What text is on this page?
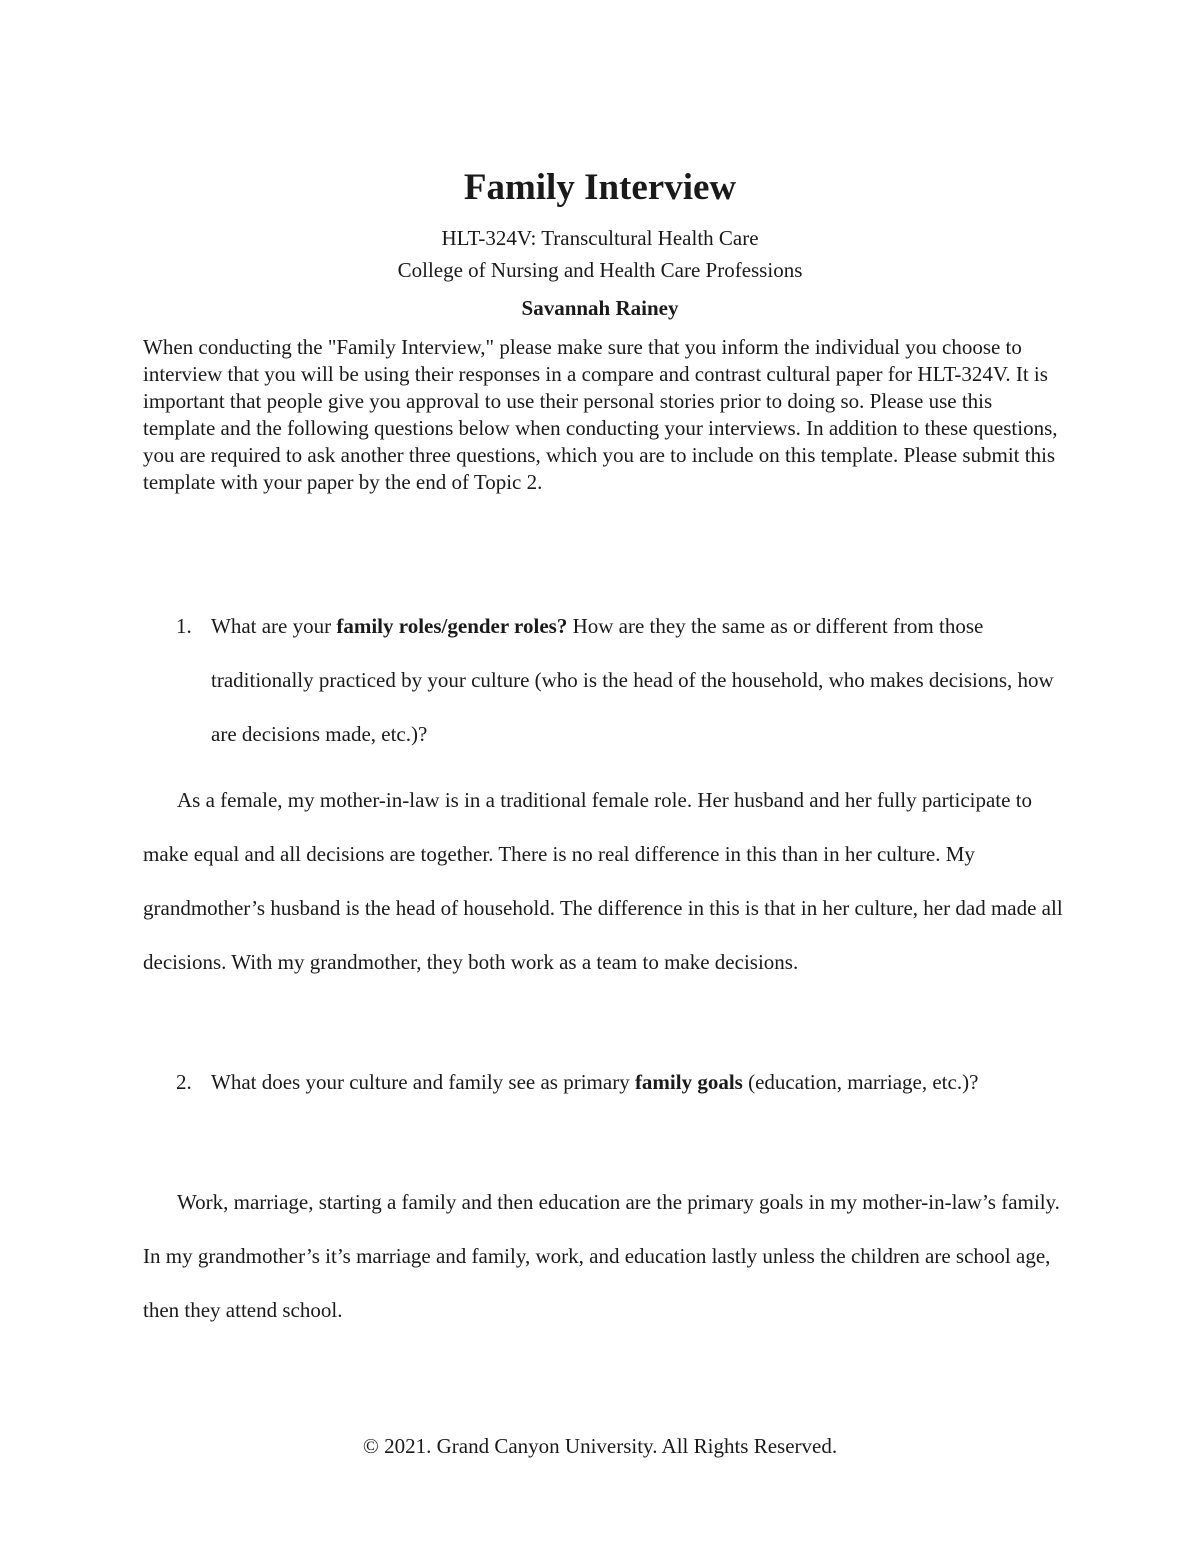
Family Interview
HLT-324V: Transcultural Health Care
College of Nursing and Health Care Professions
Savannah Rainey

When conducting the "Family Interview," please make sure that you inform the individual you choose to interview that you will be using their responses in a compare and contrast cultural paper for HLT-324V. It is important that people give you approval to use their personal stories prior to doing so. Please use this template and the following questions below when conducting your interviews. In addition to these questions, you are required to ask another three questions, which you are to include on this template. Please submit this template with your paper by the end of Topic 2.

1. What are your family roles/gender roles? How are they the same as or different from those traditionally practiced by your culture (who is the head of the household, who makes decisions, how are decisions made, etc.)?

As a female, my mother-in-law is in a traditional female role. Her husband and her fully participate to make equal and all decisions are together. There is no real difference in this than in her culture. My grandmother’s husband is the head of household. The difference in this is that in her culture, her dad made all decisions. With my grandmother, they both work as a team to make decisions.

2. What does your culture and family see as primary family goals (education, marriage, etc.)?

Work, marriage, starting a family and then education are the primary goals in my mother-in-law’s family. In my grandmother’s it’s marriage and family, work, and education lastly unless the children are school age, then they attend school.

© 2021. Grand Canyon University. All Rights Reserved.
